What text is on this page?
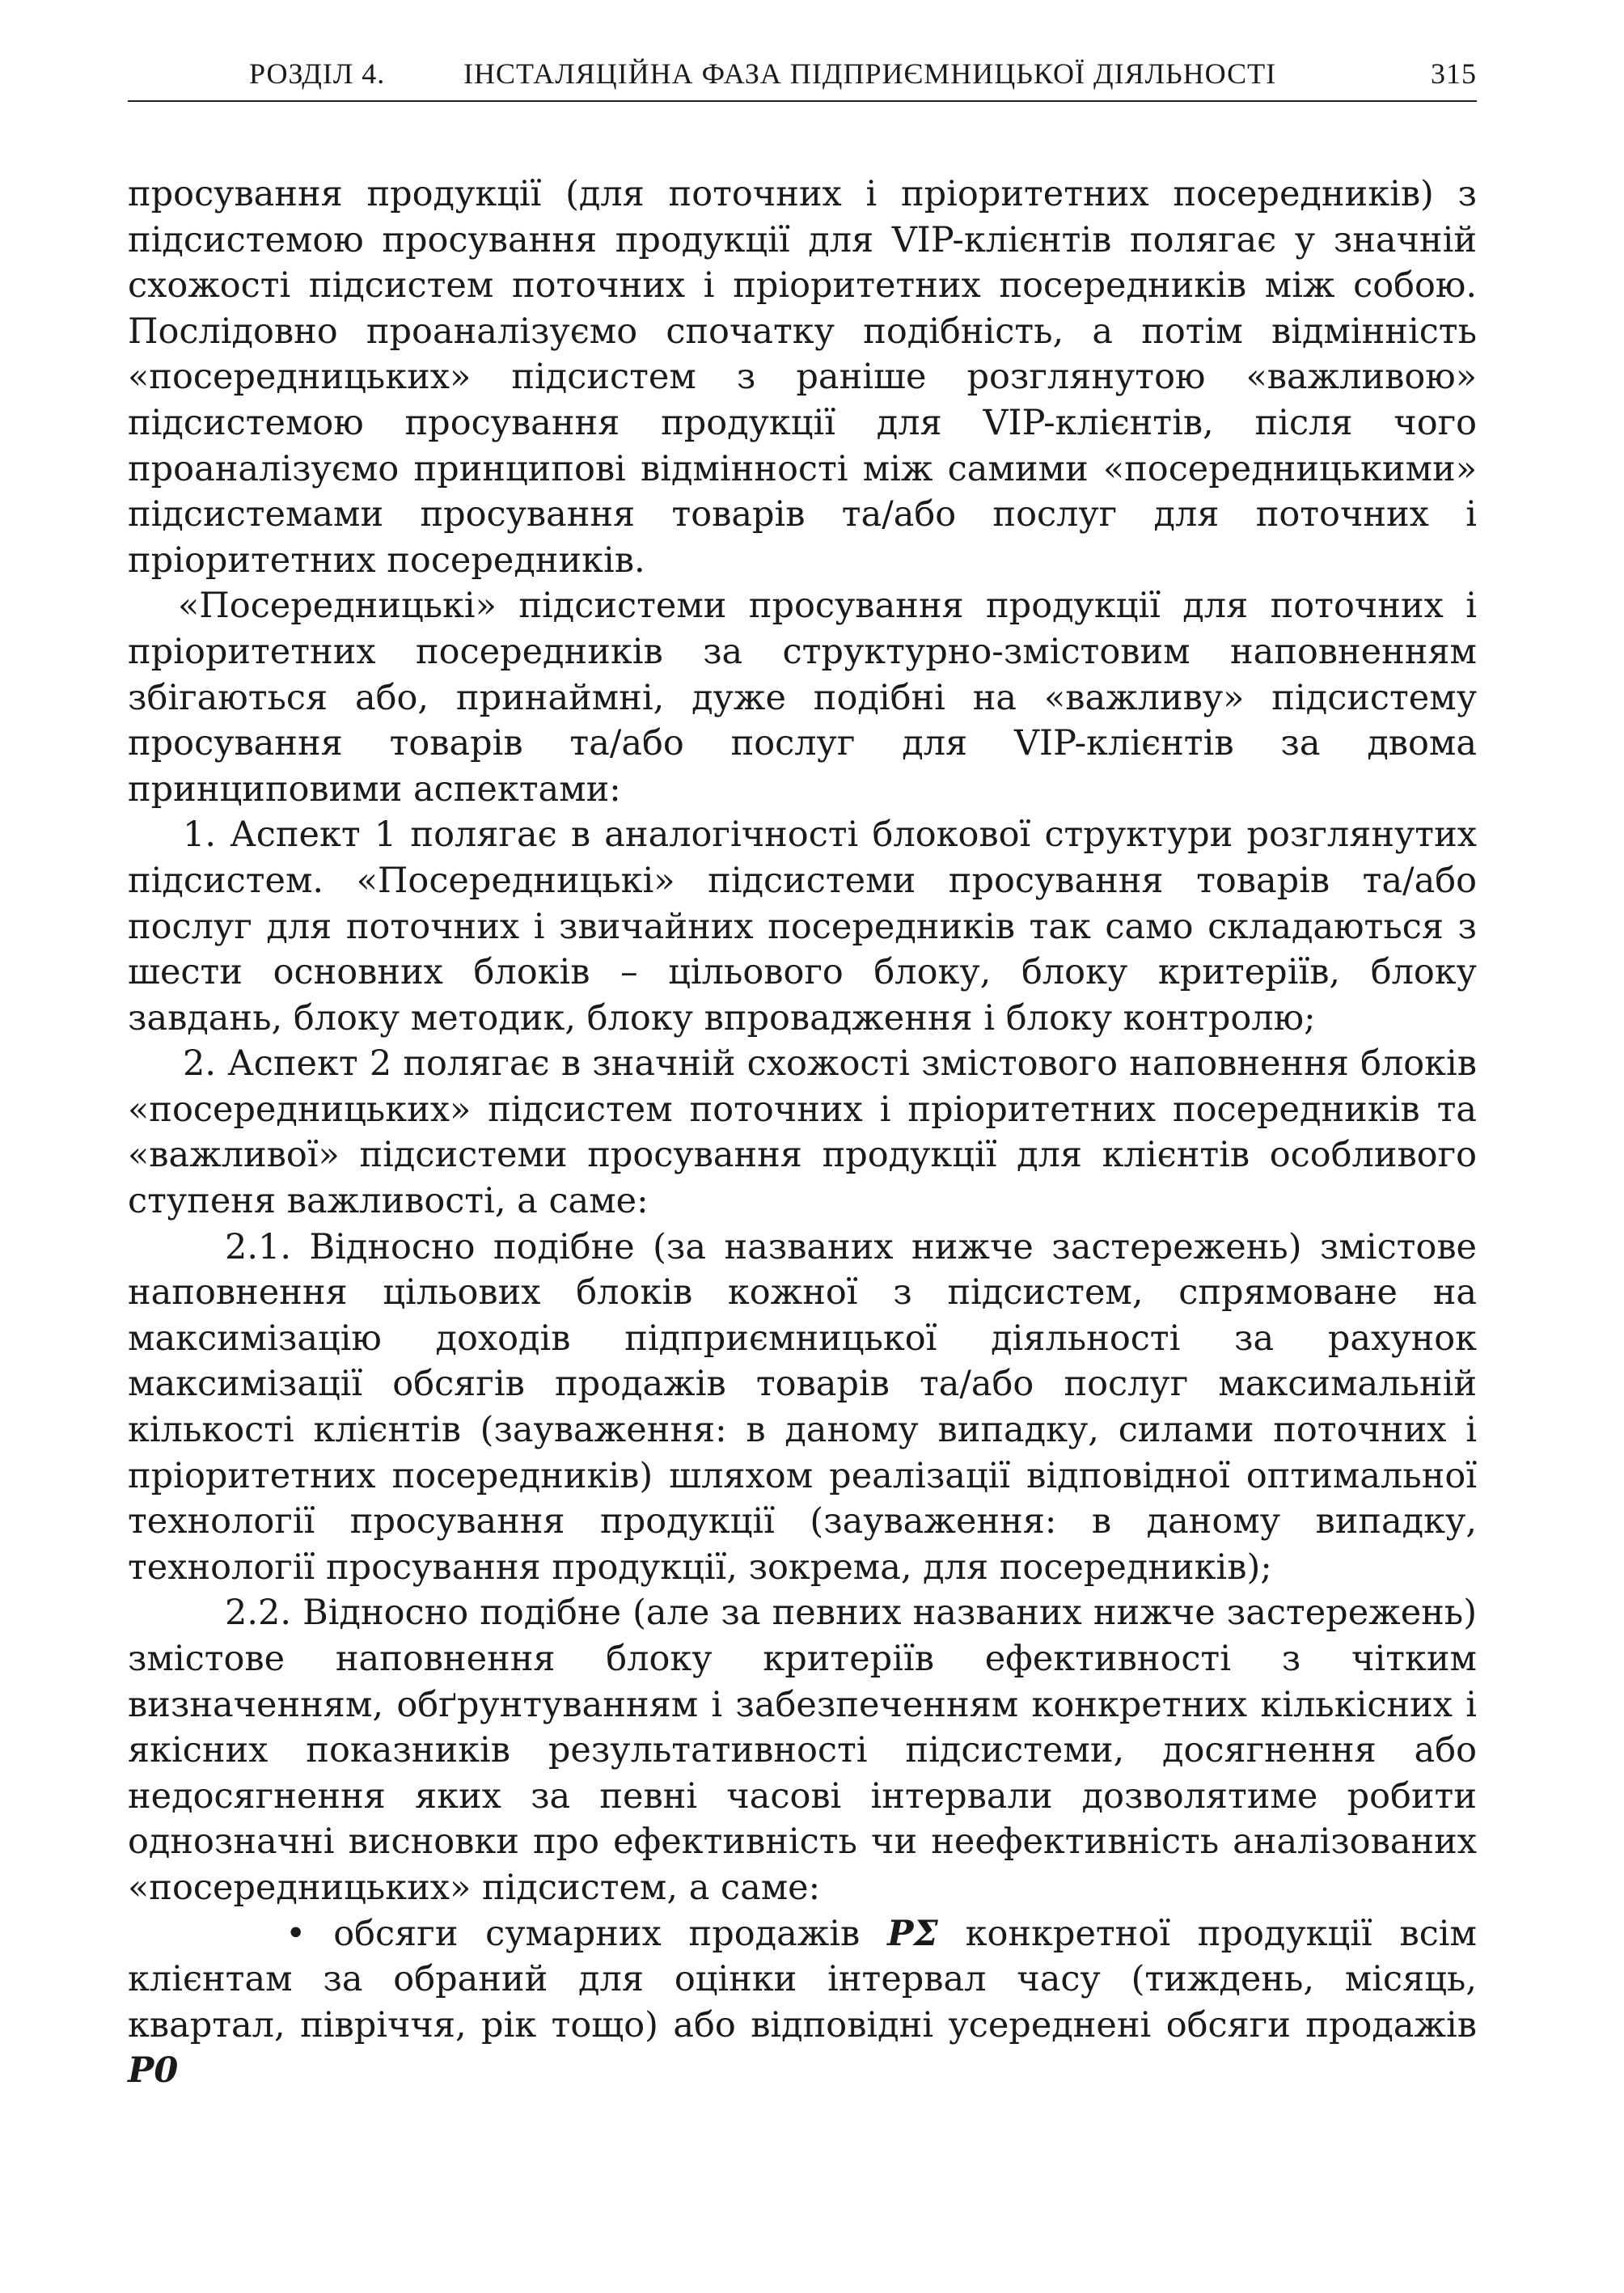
РОЗДІЛ 4.	ІНСТАЛЯЦІЙНА ФАЗА ПІДПРИЄМНИЦЬКОЇ ДІЯЛЬНОСТІ	315

просування продукції (для поточних і пріоритетних посередників) з підсистемою просування продукції для VIP-клієнтів полягає у значній схожості підсистем поточних і пріоритетних посередників між собою. Послідовно проаналізуємо спочатку подібність, а потім відмінність «посередницьких» підсистем з раніше розглянутою «важливою» підсистемою просування продукції для VIP-клієнтів, після чого проаналізуємо принципові відмінності між самими «посередницькими» підсистемами просування товарів та/або послуг для поточних і пріоритетних посередників.

«Посередницькі» підсистеми просування продукції для поточних і пріоритетних посередників за структурно-змістовим наповненням збігаються або, принаймні, дуже подібні на «важливу» підсистему просування товарів та/або послуг для VIP-клієнтів за двома принциповими аспектами:

1. Аспект 1 полягає в аналогічності блокової структури розглянутих підсистем. «Посередницькі» підсистеми просування товарів та/або послуг для поточних і звичайних посередників так само складаються з шести основних блоків – цільового блоку, блоку критеріїв, блоку завдань, блоку методик, блоку впровадження і блоку контролю;

2. Аспект 2 полягає в значній схожості змістового наповнення блоків «посередницьких» підсистем поточних і пріоритетних посередників та «важливої» підсистеми просування продукції для клієнтів особливого ступеня важливості, а саме:

2.1. Відносно подібне (за названих нижче застережень) змістове наповнення цільових блоків кожної з підсистем, спрямоване на максимізацію доходів підприємницької діяльності за рахунок максимізації обсягів продажів товарів та/або послуг максимальній кількості клієнтів (зауваження: в даному випадку, силами поточних і пріоритетних посередників) шляхом реалізації відповідної оптимальної технології просування продукції (зауваження: в даному випадку, технології просування продукції, зокрема, для посередників);

2.2. Відносно подібне (але за певних названих нижче застережень) змістове наповнення блоку критеріїв ефективності з чітким визначенням, обґрунтуванням і забезпеченням конкретних кількісних і якісних показників результативності підсистеми, досягнення або недосягнення яких за певні часові інтервали дозволятиме робити однозначні висновки про ефективність чи неефективність аналізованих «посередницьких» підсистем, а саме:

• обсяги сумарних продажів PΣ конкретної продукції всім клієнтам за обраний для оцінки інтервал часу (тиждень, місяць, квартал, півріччя, рік тощо) або відповідні усереднені обсяги продажів P0
